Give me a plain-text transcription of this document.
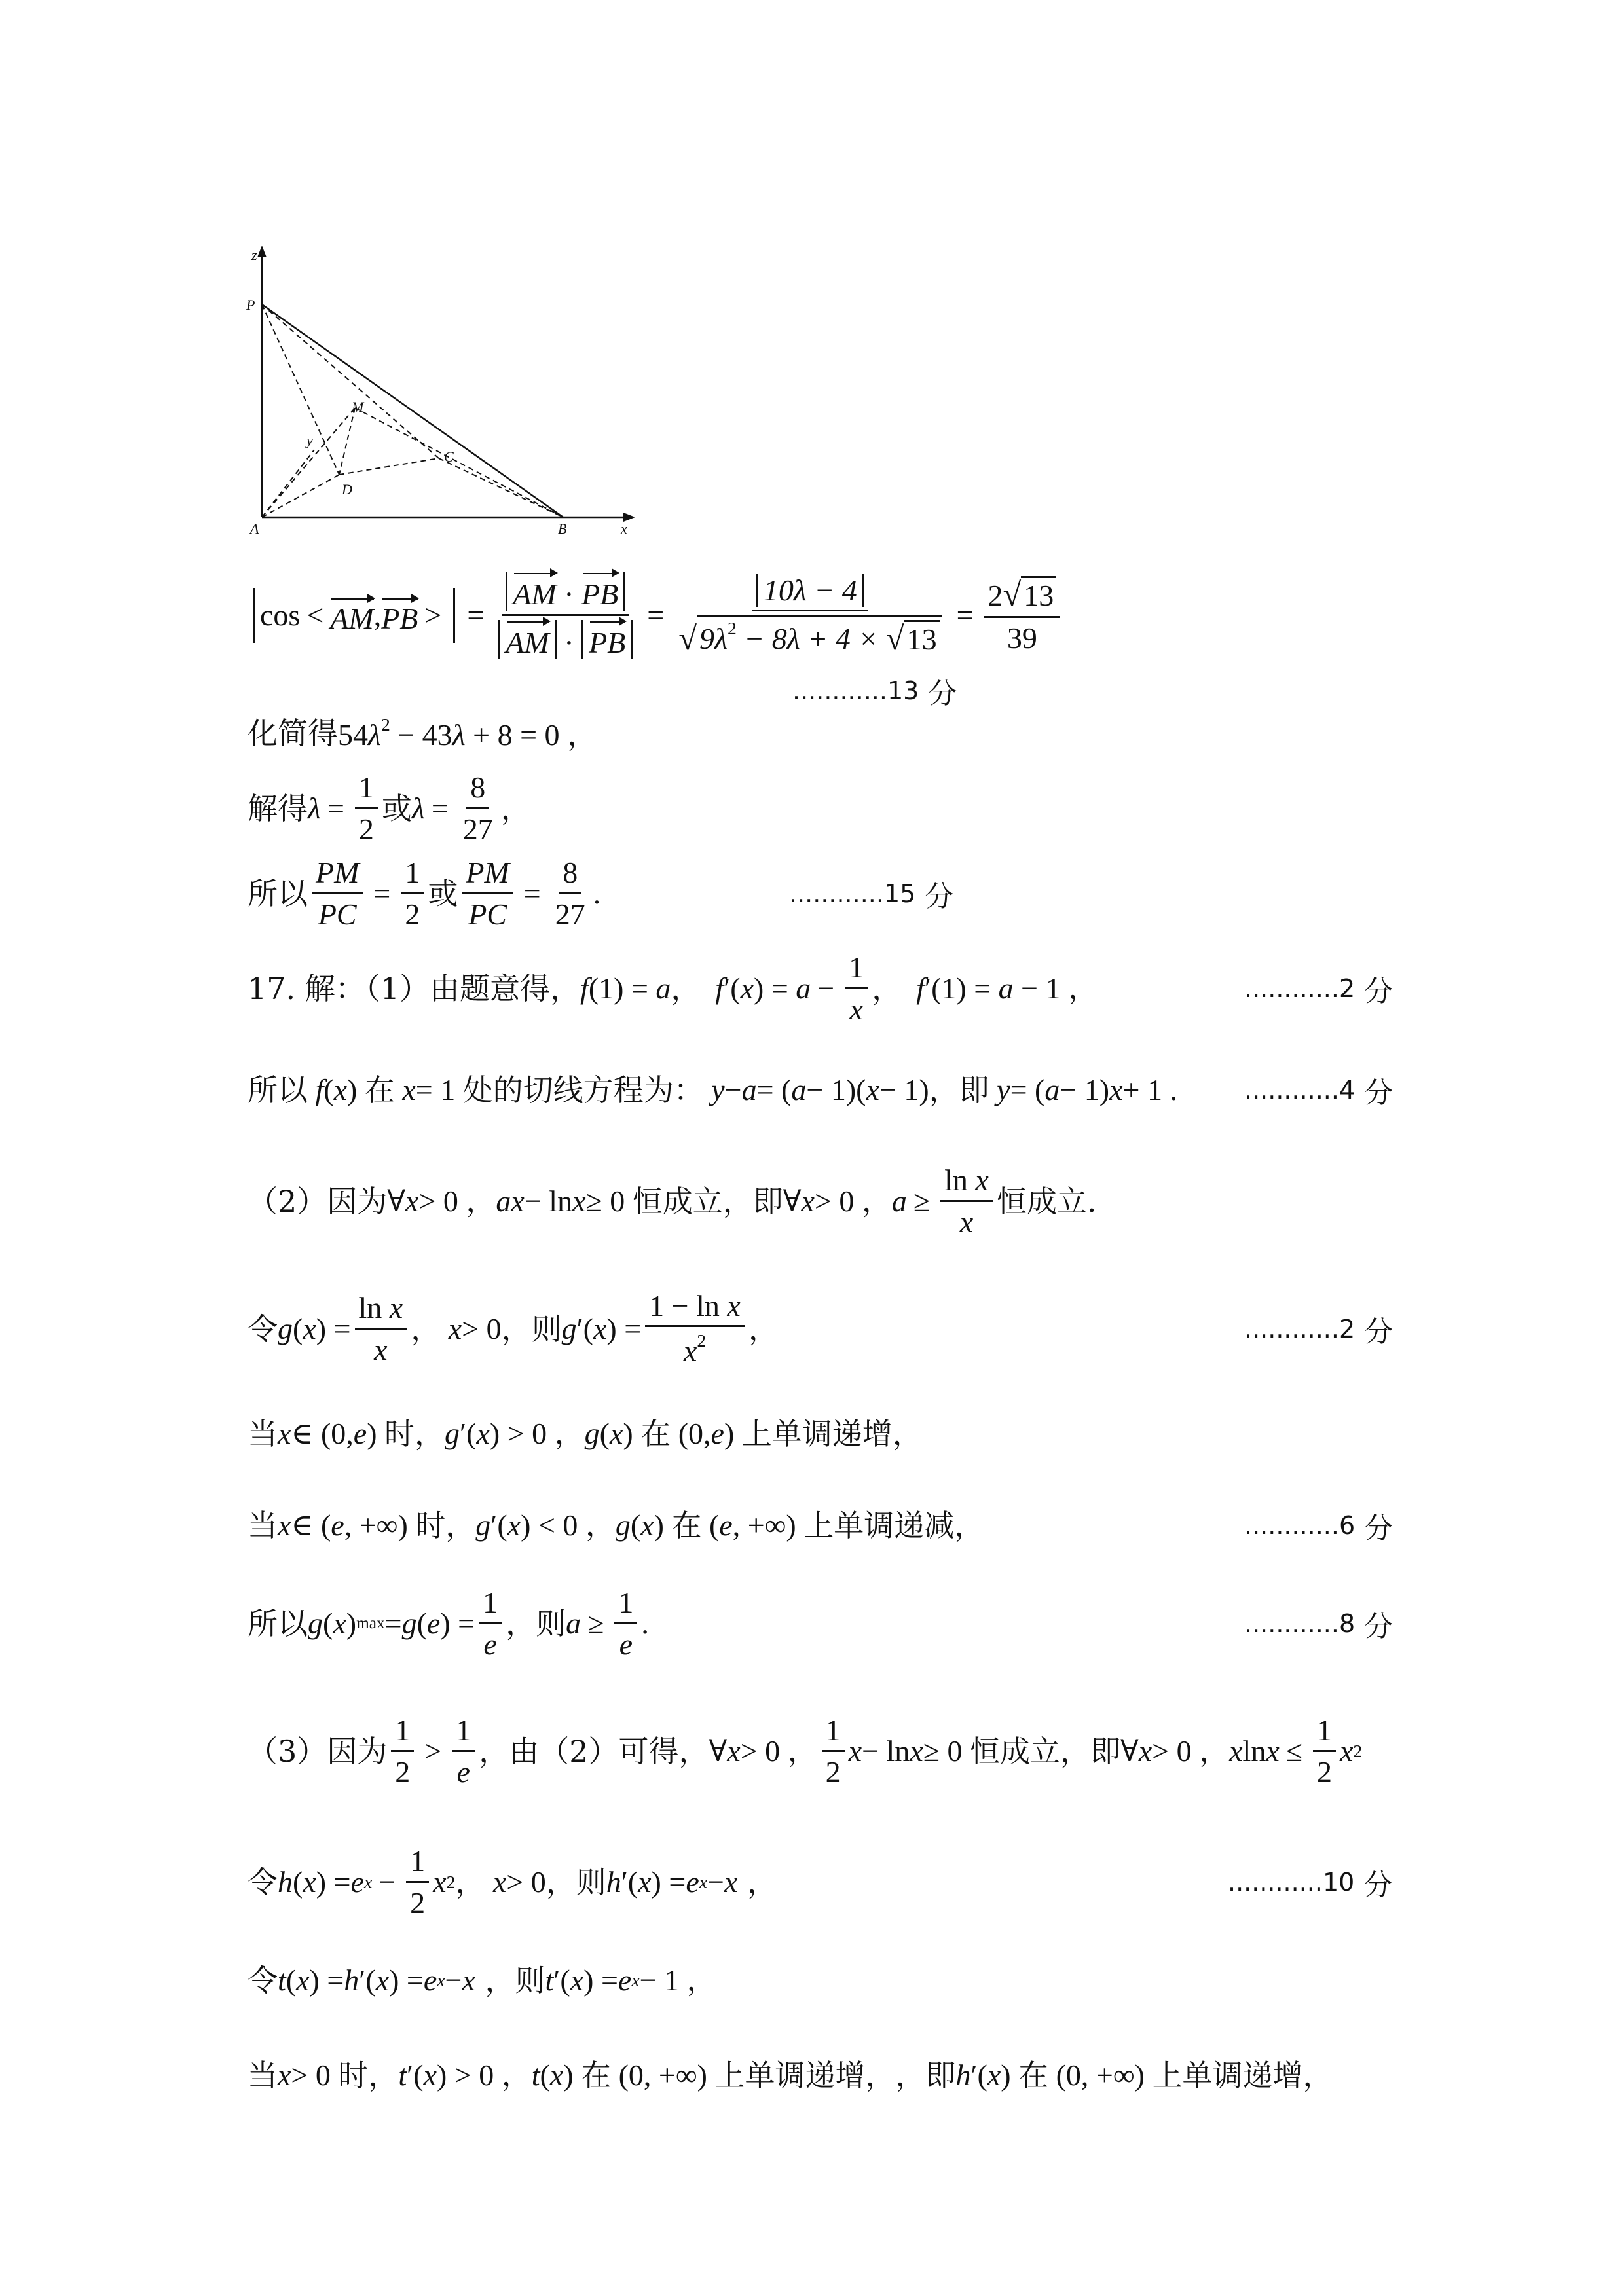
z
P
M
y
D
C
A	B	x
cos < AM , PB > = $\frac{AM \cdot PB}{AM \cdot PB} = \frac{10\lambda - 4}{√9\lambda^2 - 8\lambda + 4 \times √13} = \frac{2√13}{39}$
............13 分
化简得 $54\lambda^2 - 43\lambda + 8 = 0$ ，
解得 $\lambda = \frac{1}{2}$ 或 $\lambda = \frac{8}{27}$ ，
所以 $\frac{PM}{PC} = \frac{1}{2}$ 或 $\frac{PM}{PC} = \frac{8}{27}$ .	............15 分
17. 解：（1）由题意得， f (1) = a ， f ′( x ) = $a - \frac{1}{x}$ ， f ′(1) = a − 1 ，	............2 分
所以 f ( x ) 在 x = 1 处的切线方程为： y − a = ( a − 1)( x − 1) ，即 y = ( a − 1) x + 1 .	............4 分
（2）因为 ∀ x > 0 ， ax − ln x ≥ 0 恒成立，即 ∀ x > 0 ， $a \ge \frac{\text{ln x}}{x}$ 恒成立.
令 g ( x ) = $\frac{\text{ln x}}{x}$ ， x > 0 ，则 g ′( x ) = $\frac{\text{1 − ln x}}{x^2}$ ，	............2 分
当 x ∈ (0, e ) 时， g ′( x ) > 0 ， g ( x ) 在 (0, e ) 上单调递增，
当 x ∈ ( e , +∞) 时， g ′( x ) < 0 ， g ( x ) 在 ( e , +∞) 上单调递减，	............6 分
所以 g ( x ) max = g ( e ) = $\frac{1}{e}$ ，则 $a \ge \frac{1}{e}$ .	............8 分
（3）因为 $\frac{1}{2} > \frac{1}{e}$ ，由（2）可得， ∀ x > 0 ， $\frac{1}{2}$ x − ln x ≥ 0 恒成立，即 ∀ x > 0 ， x $\ln x \le \frac{1}{2}$ x 2
令 h ( x ) = e $x - \frac{1}{2}$ x 2 ， x > 0 ，则 h ′( x ) = e x − x ，	............10 分
令 t ( x ) = h ′( x ) = e x − x
，则 t ′( x ) = e x − 1 ，
当 x > 0 时， t ′( x ) > 0 ， t ( x ) 在 (0, +∞) 上单调递增， ，即 h ′( x ) 在 (0, +∞) 上单调递增，
